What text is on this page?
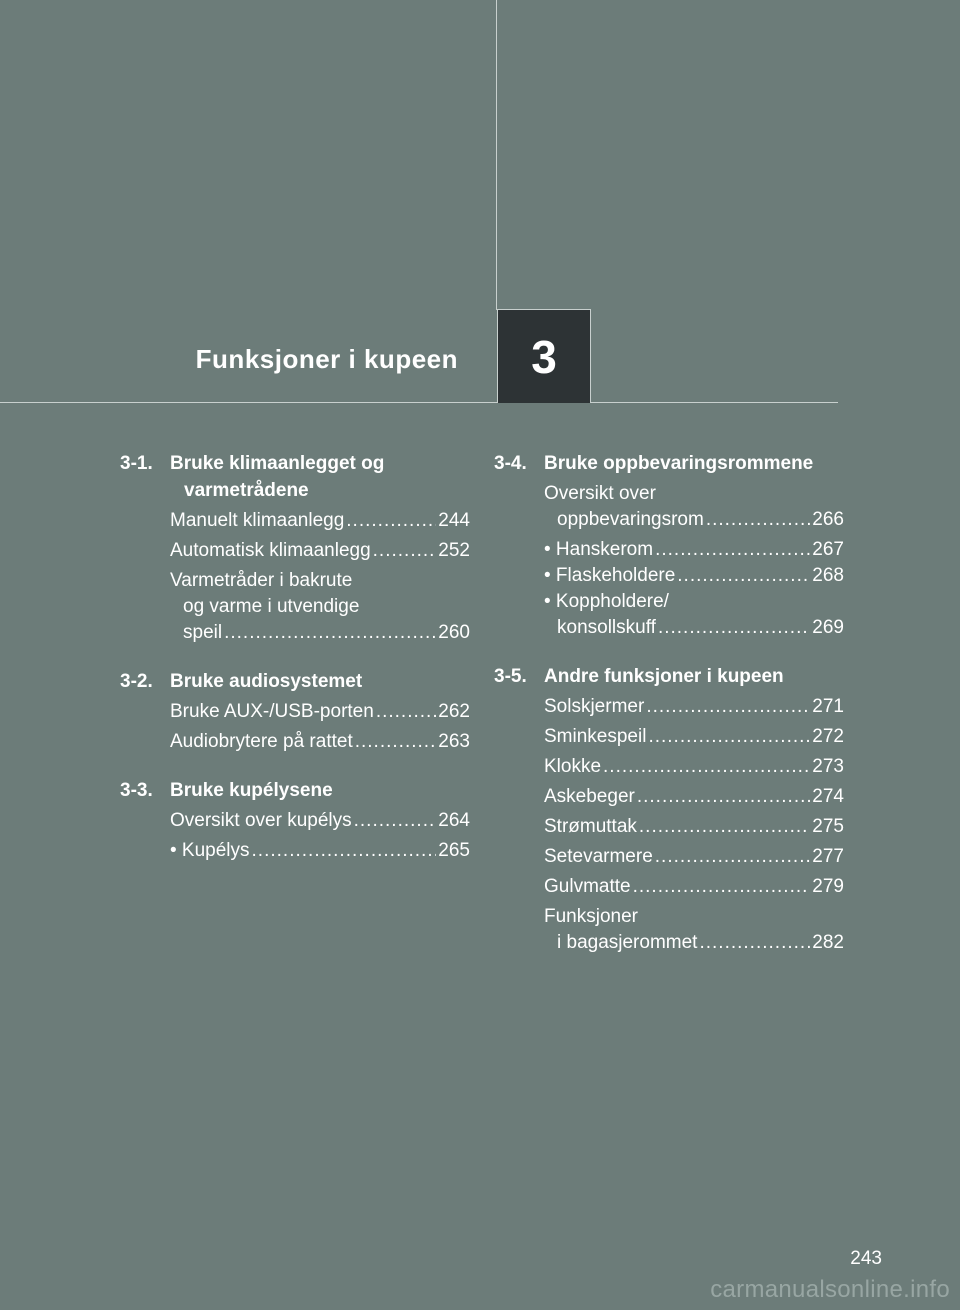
Funksjoner i kupeen	3
3-1. Bruke klimaanlegget og varmetrådene
Manuelt klimaanlegg .....	244
Automatisk klimaanlegg .....	252
Varmetråder i bakrute
og varme i utvendige
speil .....	260
3-2. Bruke audiosystemet
Bruke AUX-/USB-porten .....	262
Audiobrytere på rattet .....	263
3-3. Bruke kupélysene
Oversikt over kupélys .....	264
• Kupélys .....	265
3-4. Bruke oppbevaringsrommene
Oversikt over
oppbevaringsrom .....	266
• Hanskerom .....	267
• Flaskeholdere .....	268
• Koppholdere/
konsollskuff .....	269
3-5. Andre funksjoner i kupeen
Solskjermer .....	271
Sminkespeil .....	272
Klokke .....	273
Askebeger .....	274
Strømuttak .....	275
Setevarmere .....	277
Gulvmatte .....	279
Funksjoner
i bagasjerommet .....	282
243
carmanualsonline.info
